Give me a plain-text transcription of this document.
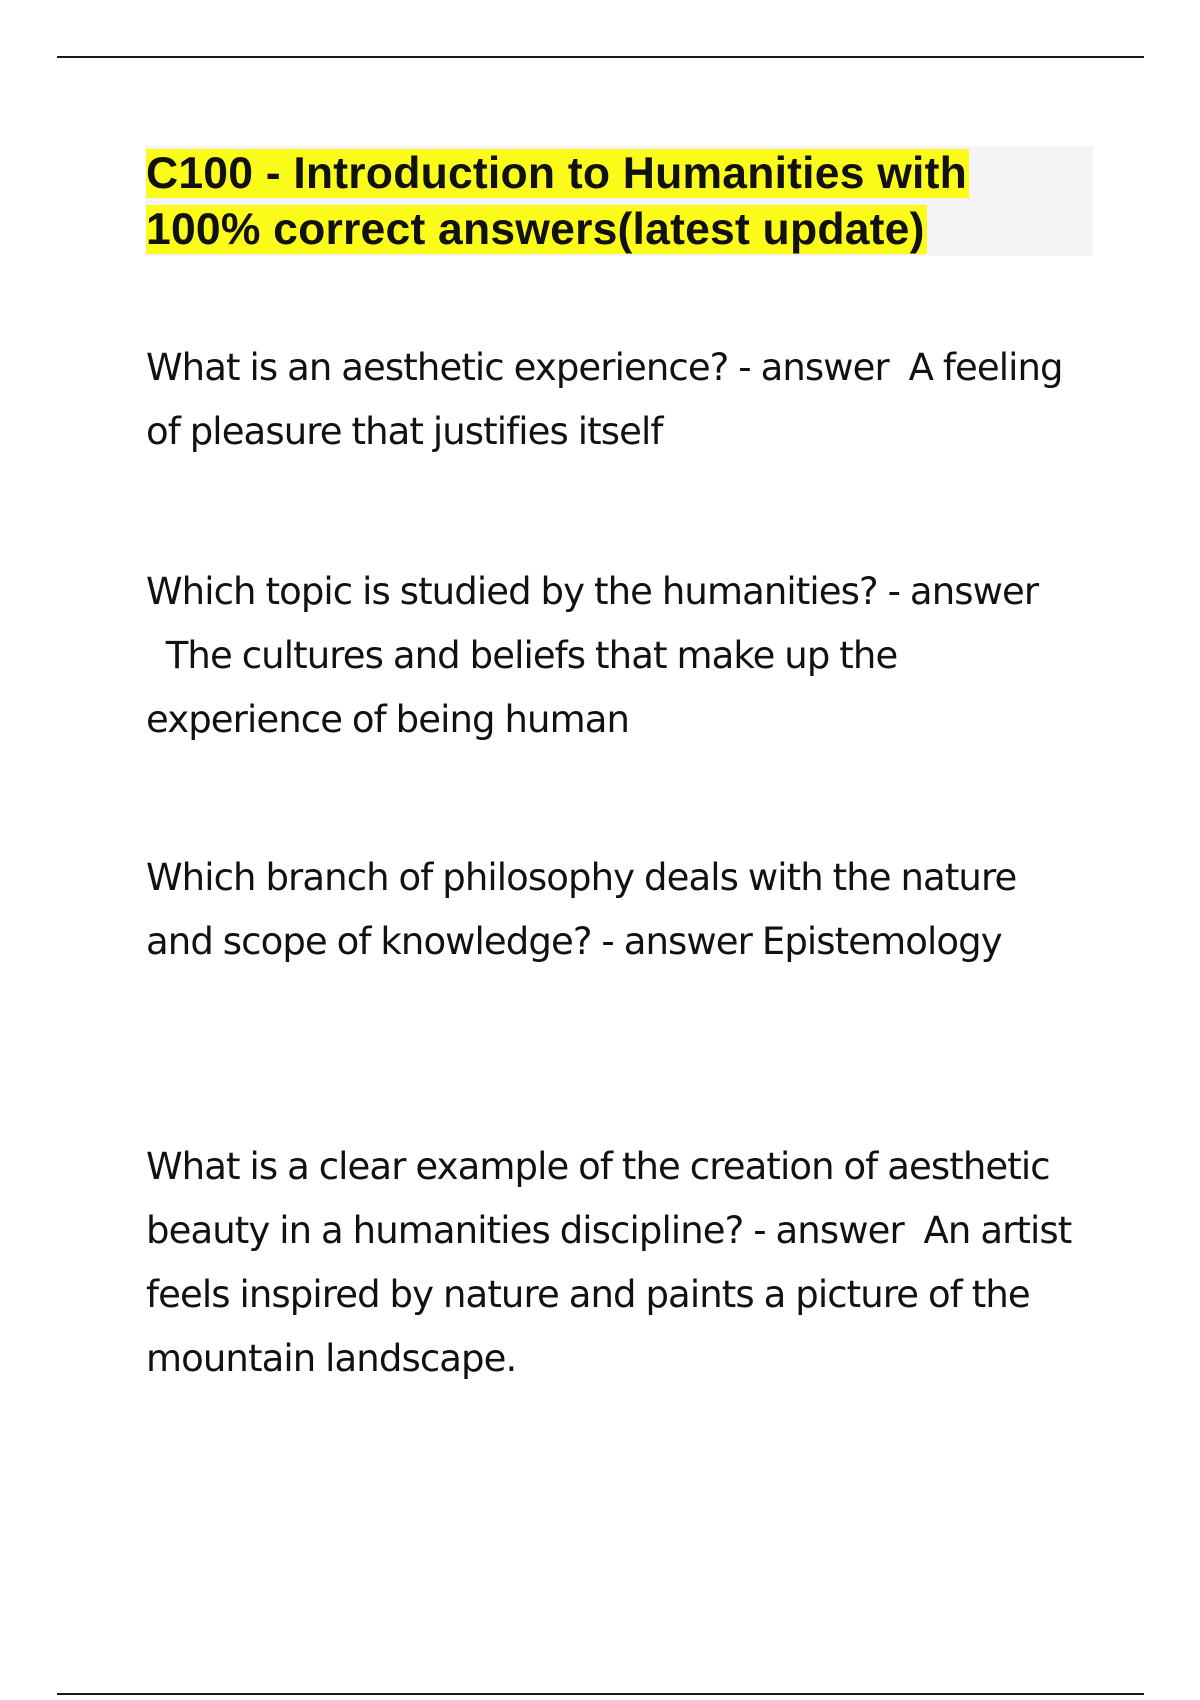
C100 - Introduction to Humanities with 100% correct answers(latest update)

What is an aesthetic experience? - answer A feeling of pleasure that justifies itself

Which topic is studied by the humanities? - answer  The cultures and beliefs that make up the experience of being human

Which branch of philosophy deals with the nature and scope of knowledge? - answer Epistemology

What is a clear example of the creation of aesthetic beauty in a humanities discipline? - answer An artist feels inspired by nature and paints a picture of the mountain landscape.
